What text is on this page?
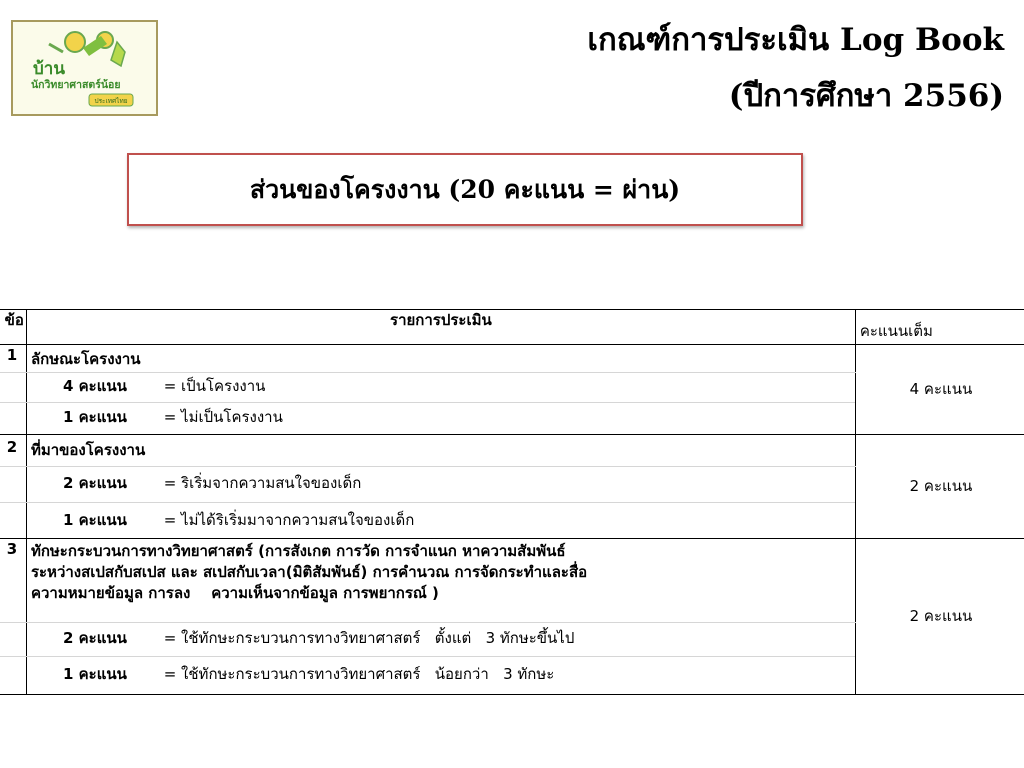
บ้าน
นักวิทยาศาสตร์น้อย
ประเทศไทย
เกณฑ์การประเมิน Log Book
(ปีการศึกษา 2556)
ส่วนของโครงงาน (20 คะแนน = ผ่าน)
ข้อ	รายการประเมิน	คะแนนเต็ม
1	ลักษณะโครงงาน	4 คะแนน
	4 คะแนน = เป็นโครงงาน	
	1 คะแนน = ไม่เป็นโครงงาน	
2	ที่มาของโครงงาน	2 คะแนน
	2 คะแนน = ริเริ่มจากความสนใจของเด็ก	
	1 คะแนน = ไม่ได้ริเริ่มมาจากความสนใจของเด็ก	
3	ทักษะกระบวนการทางวิทยาศาสตร์ (การสังเกต การวัด การจำแนก หาความสัมพันธ์
ระหว่างสเปสกับสเปส และ สเปสกับเวลา(มิติสัมพันธ์) การคำนวณ การจัดกระทำและสื่อ
ความหมายข้อมูล การลง    ความเห็นจากข้อมูล การพยากรณ์ )	2 คะแนน
	2 คะแนน = ใช้ทักษะกระบวนการทางวิทยาศาสตร์   ตั้งแต่   3 ทักษะขึ้นไป	
	1 คะแนน = ใช้ทักษะกระบวนการทางวิทยาศาสตร์   น้อยกว่า   3 ทักษะ	
